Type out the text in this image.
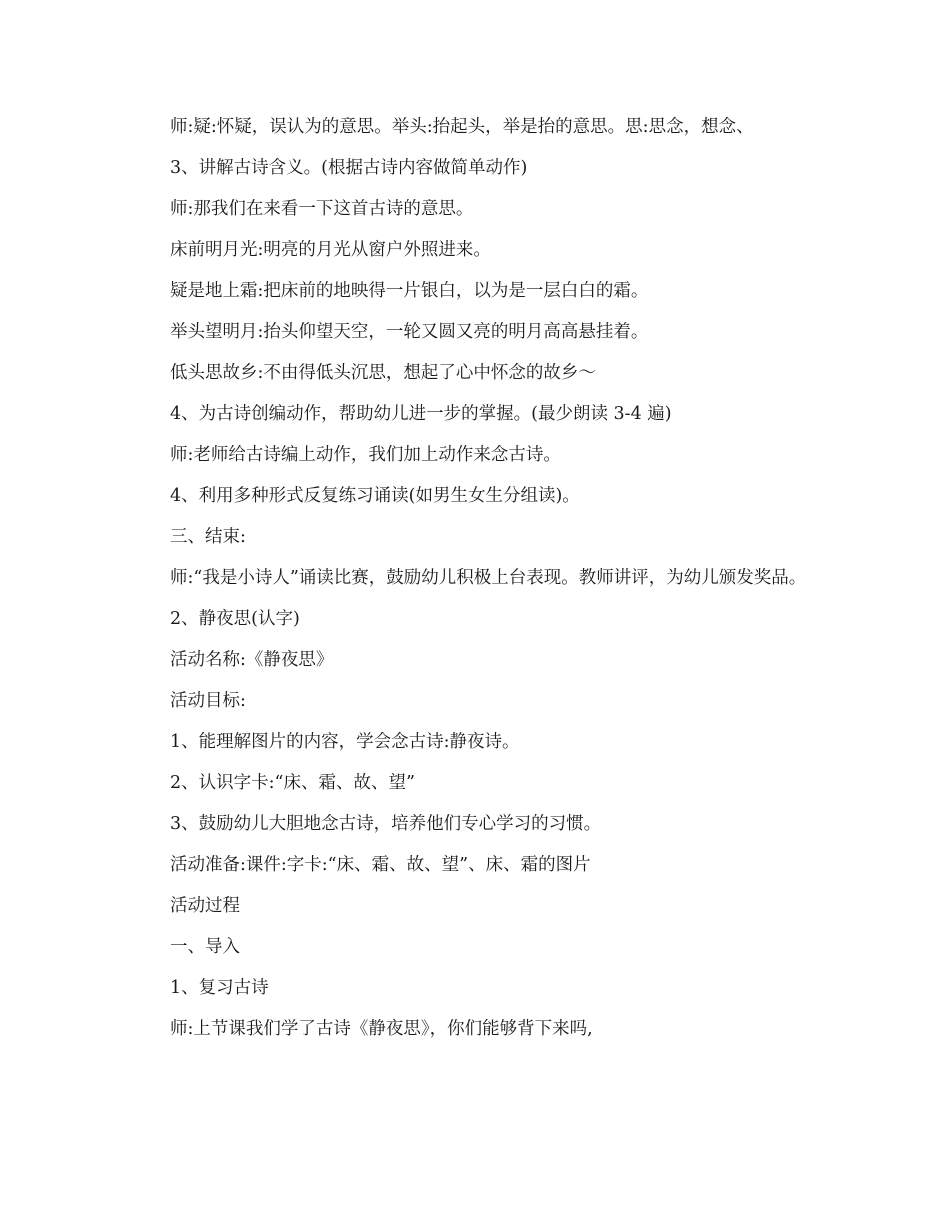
师:疑:怀疑，误认为的意思。举头:抬起头，举是抬的意思。思:思念，想念、

3、讲解古诗含义。(根据古诗内容做简单动作)

师:那我们在来看一下这首古诗的意思。

床前明月光:明亮的月光从窗户外照进来。

疑是地上霜:把床前的地映得一片银白，以为是一层白白的霜。

举头望明月:抬头仰望天空，一轮又圆又亮的明月高高悬挂着。

低头思故乡:不由得低头沉思，想起了心中怀念的故乡～

4、为古诗创编动作，帮助幼儿进一步的掌握。(最少朗读 3-4 遍)

师:老师给古诗编上动作，我们加上动作来念古诗。

4、利用多种形式反复练习诵读(如男生女生分组读)。

三、结束:

师:“我是小诗人”诵读比赛，鼓励幼儿积极上台表现。教师讲评，为幼儿颁发奖品。

2、静夜思(认字)

活动名称:《静夜思》

活动目标:

1、能理解图片的内容，学会念古诗:静夜诗。

2、认识字卡:“床、霜、故、望”

3、鼓励幼儿大胆地念古诗，培养他们专心学习的习惯。

活动准备:课件:字卡:“床、霜、故、望”、床、霜的图片

活动过程

一、导入

1、复习古诗

师:上节课我们学了古诗《静夜思》，你们能够背下来吗,
